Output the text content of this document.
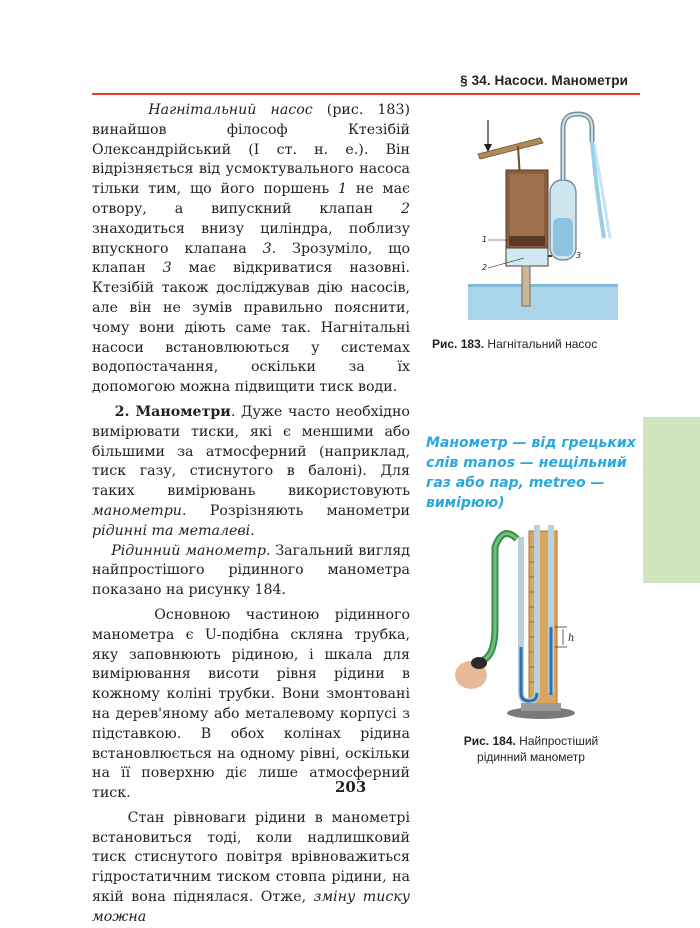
§ 34. Насоси. Манометри

Нагнітальний насос (рис. 183) винайшов філософ Ктезібій Олександрійський (I ст. н. е.). Він відрізняється від усмоктувального насоса тільки тим, що його поршень 1 не має отвору, а випускний клапан 2 знаходиться внизу циліндра, поблизу впускного клапана 3. Зрозуміло, що клапан 3 має відкриватися назовні. Ктезібій також досліджував дію насосів, але він не зумів правильно пояснити, чому вони діють саме так. Нагнітальні насоси встановлюються у системах водопостачання, оскільки за їх допомогою можна підвищити тиск води.

2. Манометри. Дуже часто необхідно вимірювати тиски, які є меншими або більшими за атмосферний (наприклад, тиск газу, стиснутого в балоні). Для таких вимірювань використовують манометри. Розрізняють манометри рідинні та металеві.

Рідинний манометр. Загальний вигляд найпростішого рідинного манометра показано на рисунку 184.

Основною частиною рідинного манометра є U-подібна скляна трубка, яку заповнюють рідиною, і шкала для вимірювання висоти рівня рідини в кожному коліні трубки. Вони змонтовані на дерев'яному або металевому корпусі з підставкою. В обох колінах рідина встановлюється на одному рівні, оскільки на її поверхню діє лише атмосферний тиск.

Стан рівноваги рідини в манометрі встановиться тоді, коли надлишковий тиск стиснутого повітря врівноважиться гідростатичним тиском стовпа рідини, на якій вона піднялася. Отже, зміну тиску можна

1
2
3
Рис. 183. Нагнітальний насос
Манометр — від грецьких слів manos — нещільний газ або пар, metreo — вимірюю)
h
Рис. 184. Найпростіший
рідинний манометр
203
